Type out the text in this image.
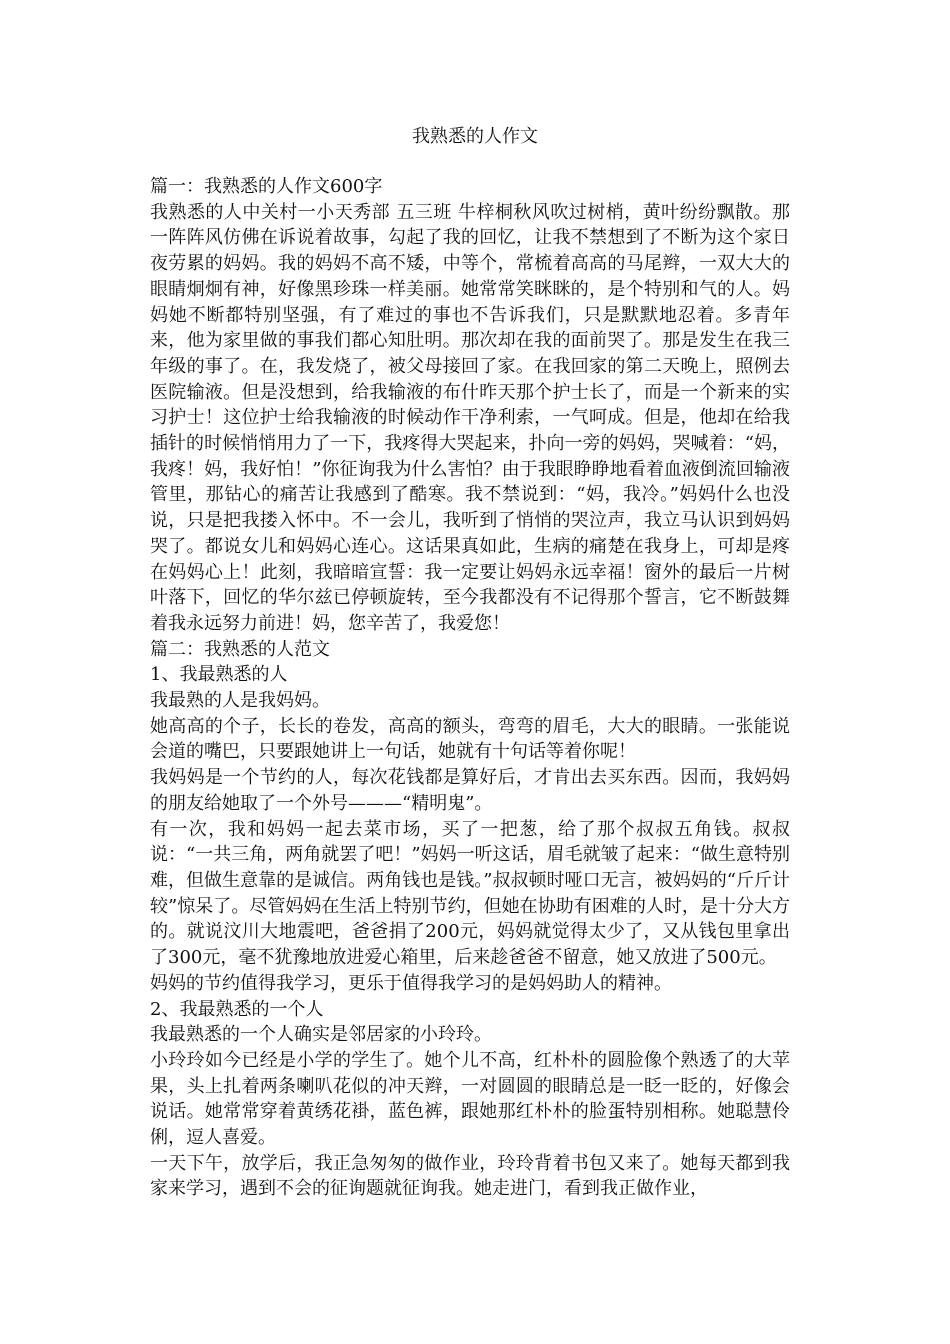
我熟悉的人作文

篇一：我熟悉的人作文600字

我熟悉的人中关村一小天秀部 五三班 牛梓桐秋风吹过树梢，黄叶纷纷飘散。那一阵阵风仿佛在诉说着故事，勾起了我的回忆，让我不禁想到了不断为这个家日夜劳累的妈妈。我的妈妈不高不矮，中等个，常梳着高高的马尾辫，一双大大的眼睛炯炯有神，好像黑珍珠一样美丽。她常常笑眯眯的，是个特别和气的人。妈妈她不断都特别坚强，有了难过的事也不告诉我们，只是默默地忍着。多青年来，他为家里做的事我们都心知肚明。那次却在我的面前哭了。那是发生在我三年级的事了。在，我发烧了，被父母接回了家。在我回家的第二天晚上，照例去医院输液。但是没想到，给我输液的布什昨天那个护士长了，而是一个新来的实习护士！这位护士给我输液的时候动作干净利索，一气呵成。但是，他却在给我插针的时候悄悄用力了一下，我疼得大哭起来，扑向一旁的妈妈，哭喊着：“妈，我疼！妈，我好怕！”你征询我为什么害怕？由于我眼睁睁地看着血液倒流回输液管里，那钻心的痛苦让我感到了酷寒。我不禁说到：“妈，我冷。”妈妈什么也没说，只是把我搂入怀中。不一会儿，我听到了悄悄的哭泣声，我立马认识到妈妈哭了。都说女儿和妈妈心连心。这话果真如此，生病的痛楚在我身上，可却是疼在妈妈心上！此刻，我暗暗宣誓：我一定要让妈妈永远幸福！窗外的最后一片树叶落下，回忆的华尔兹已停顿旋转，至今我都没有不记得那个誓言，它不断鼓舞着我永远努力前进！妈，您辛苦了，我爱您！

篇二：我熟悉的人范文

1、我最熟悉的人

我最熟的人是我妈妈。

她高高的个子，长长的卷发，高高的额头，弯弯的眉毛，大大的眼睛。一张能说会道的嘴巴，只要跟她讲上一句话，她就有十句话等着你呢！

我妈妈是一个节约的人，每次花钱都是算好后，才肯出去买东西。因而，我妈妈的朋友给她取了一个外号———“精明鬼”。

有一次，我和妈妈一起去菜市场，买了一把葱，给了那个叔叔五角钱。叔叔说：“一共三角，两角就罢了吧！”妈妈一听这话，眉毛就皱了起来：“做生意特别难，但做生意靠的是诚信。两角钱也是钱。”叔叔顿时哑口无言，被妈妈的“斤斤计较”惊呆了。尽管妈妈在生活上特别节约，但她在协助有困难的人时，是十分大方的。就说汶川大地震吧，爸爸捐了200元，妈妈就觉得太少了，又从钱包里拿出了300元，毫不犹豫地放进爱心箱里，后来趁爸爸不留意，她又放进了500元。

妈妈的节约值得我学习，更乐于值得我学习的是妈妈助人的精神。

2、我最熟悉的一个人

我最熟悉的一个人确实是邻居家的小玲玲。

小玲玲如今已经是小学的学生了。她个儿不高，红朴朴的圆脸像个熟透了的大苹果，头上扎着两条喇叭花似的冲天辫，一对圆圆的眼睛总是一眨一眨的，好像会说话。她常常穿着黄绣花褂，蓝色裤，跟她那红朴朴的脸蛋特别相称。她聪慧伶俐，逗人喜爱。

一天下午，放学后，我正急匆匆的做作业，玲玲背着书包又来了。她每天都到我家来学习，遇到不会的征询题就征询我。她走进门，看到我正做作业，
